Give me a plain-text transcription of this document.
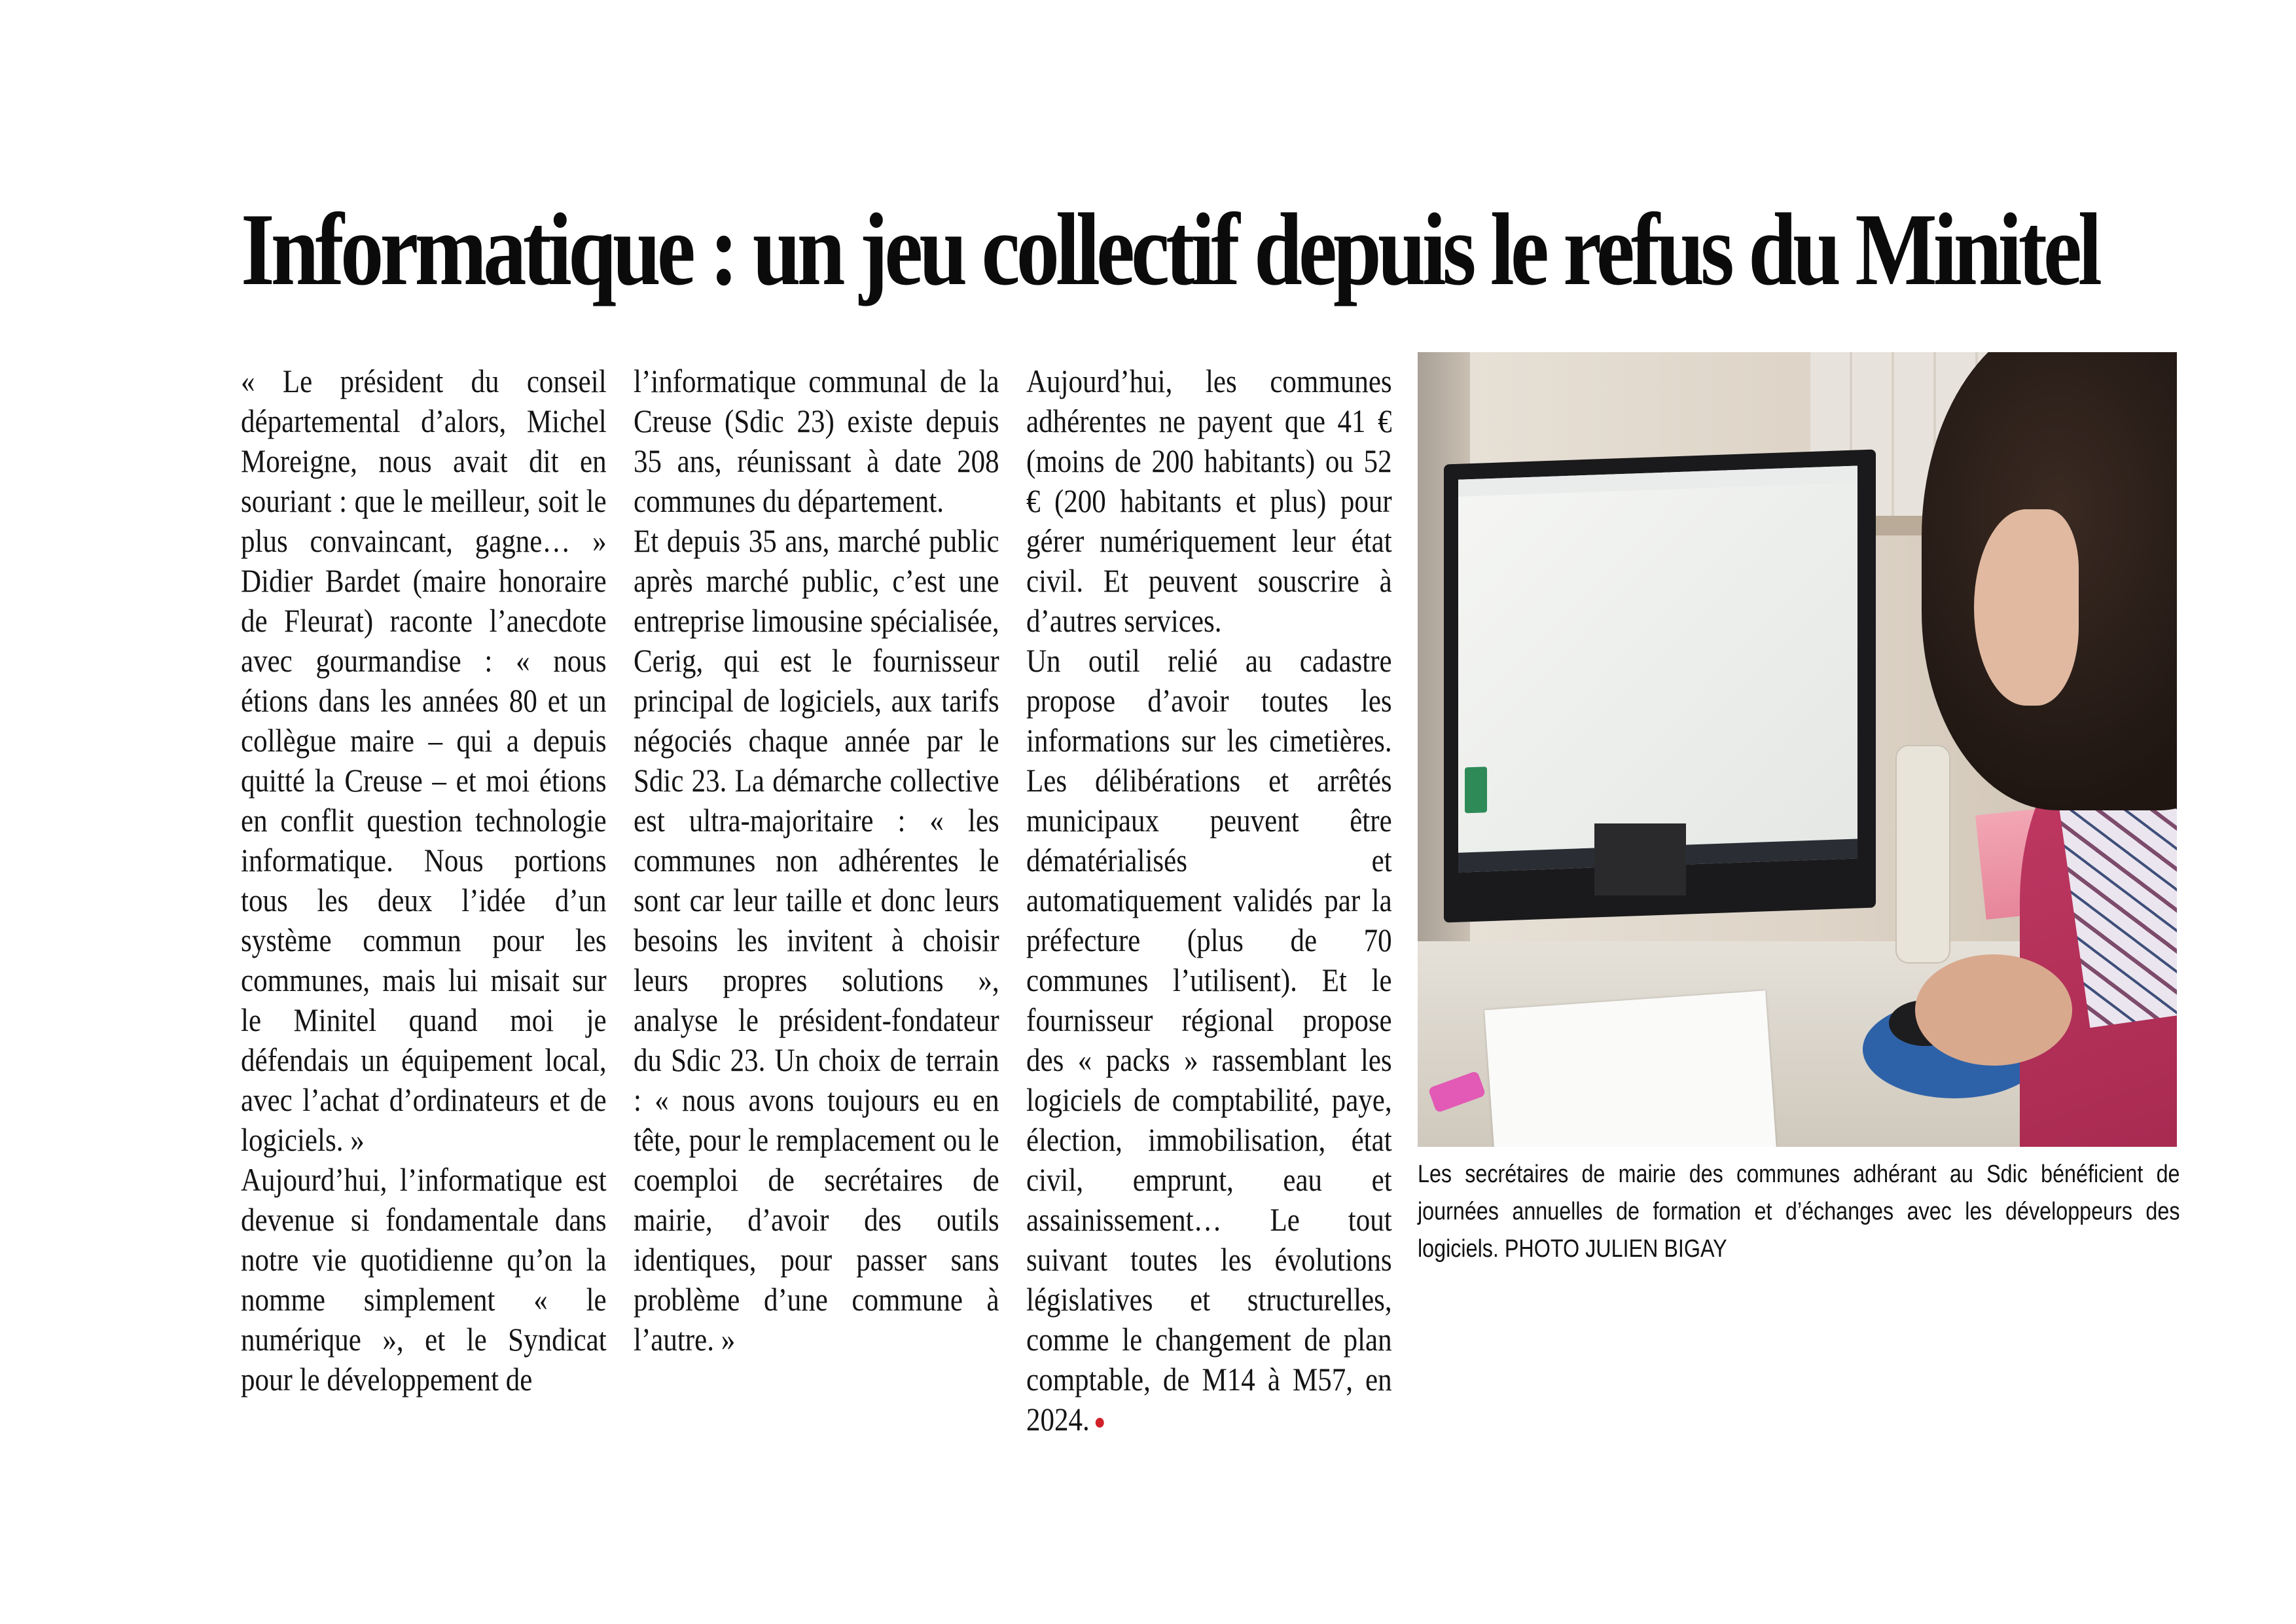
Informatique : un jeu collectif depuis le refus du Minitel

« Le président du conseil départemental d’alors, Michel Moreigne, nous avait dit en souriant : que le meilleur, soit le plus convaincant, gagne… » Didier Bardet (maire honoraire de Fleurat) raconte l’anecdote avec gourmandise : « nous étions dans les années 80 et un collègue maire – qui a depuis quitté la Creuse – et moi étions en conflit question technologie informatique. Nous portions tous les deux l’idée d’un système commun pour les communes, mais lui misait sur le Minitel quand moi je défendais un équipement local, avec l’achat d’ordinateurs et de logiciels. »

Aujourd’hui, l’informatique est devenue si fondamentale dans notre vie quotidienne qu’on la nomme simplement « le numérique », et le Syndicat pour le développement de

l’informatique communal de la Creuse (Sdic 23) existe depuis 35 ans, réunissant à date 208 communes du département.

Et depuis 35 ans, marché public après marché public, c’est une entreprise limousine spécialisée, Cerig, qui est le fournisseur principal de logiciels, aux tarifs négociés chaque année par le Sdic 23. La démarche collective est ultra-majoritaire : « les communes non adhérentes le sont car leur taille et donc leurs besoins les invitent à choisir leurs propres solutions », analyse le président-fondateur du Sdic 23. Un choix de terrain : « nous avons toujours eu en tête, pour le remplacement ou le coemploi de secrétaires de mairie, d’avoir des outils identiques, pour passer sans problème d’une commune à l’autre. »

Aujourd’hui, les communes adhérentes ne payent que 41 € (moins de 200 habitants) ou 52 € (200 habitants et plus) pour gérer numériquement leur état civil. Et peuvent souscrire à d’autres services.

Un outil relié au cadastre propose d’avoir toutes les informations sur les cimetières. Les délibérations et arrêtés municipaux peuvent être dématérialisés et automatiquement validés par la préfecture (plus de 70 communes l’utilisent). Et le fournisseur régional propose des « packs » rassemblant les logiciels de comptabilité, paye, élection, immobilisation, état civil, emprunt, eau et assainissement… Le tout suivant toutes les évolutions législatives et structurelles, comme le changement de plan comptable, de M14 à M57, en 2024.

Les secrétaires de mairie des communes adhérant au Sdic bénéficient de journées annuelles de formation et d’échanges avec les développeurs des logiciels. PHOTO JULIEN BIGAY
